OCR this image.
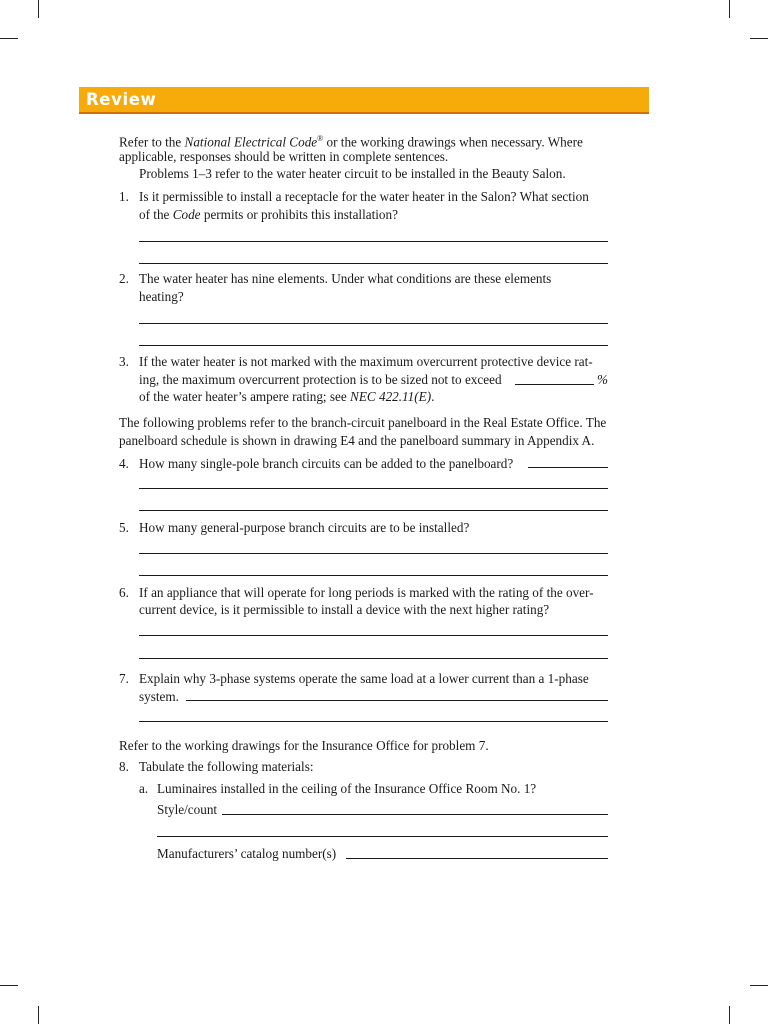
Review
Refer to the National Electrical Code® or the working drawings when necessary. Where
applicable, responses should be written in complete sentences.
Problems 1–3 refer to the water heater circuit to be installed in the Beauty Salon.
1. Is it permissible to install a receptacle for the water heater in the Salon? What section
of the Code permits or prohibits this installation?
2. The water heater has nine elements. Under what conditions are these elements
heating?
3. If the water heater is not marked with the maximum overcurrent protective device rat-
ing, the maximum overcurrent protection is to be sized not to exceed	%
of the water heater’s ampere rating; see NEC 422.11(E).
The following problems refer to the branch-circuit panelboard in the Real Estate Office. The
panelboard schedule is shown in drawing E4 and the panelboard summary in Appendix A.
4. How many single-pole branch circuits can be added to the panelboard?
5. How many general-purpose branch circuits are to be installed?
6. If an appliance that will operate for long periods is marked with the rating of the over-
current device, is it permissible to install a device with the next higher rating?
7. Explain why 3-phase systems operate the same load at a lower current than a 1-phase
system.
Refer to the working drawings for the Insurance Office for problem 7.
8. Tabulate the following materials:
a. Luminaires installed in the ceiling of the Insurance Office Room No. 1?
Style/count
Manufacturers’ catalog number(s)
